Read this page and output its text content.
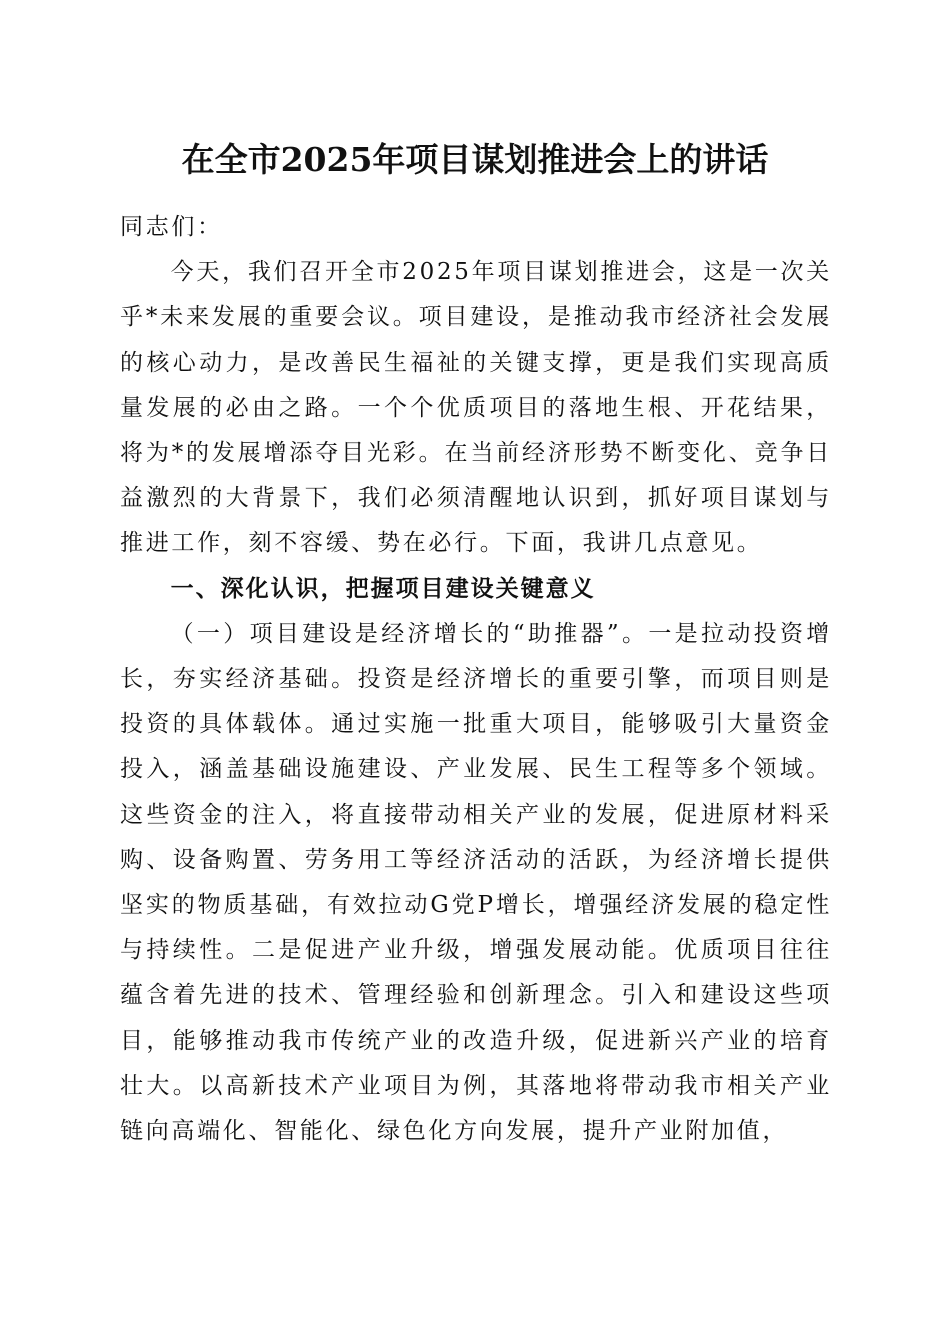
在全市2025年项目谋划推进会上的讲话

同志们：

今天，我们召开全市2025年项目谋划推进会，这是一次关乎*未来发展的重要会议。项目建设，是推动我市经济社会发展的核心动力，是改善民生福祉的关键支撑，更是我们实现高质量发展的必由之路。一个个优质项目的落地生根、开花结果，将为*的发展增添夺目光彩。在当前经济形势不断变化、竞争日益激烈的大背景下，我们必须清醒地认识到，抓好项目谋划与推进工作，刻不容缓、势在必行。下面，我讲几点意见。

一、深化认识，把握项目建设关键意义

（一）项目建设是经济增长的“助推器”。一是拉动投资增长，夯实经济基础。投资是经济增长的重要引擎，而项目则是投资的具体载体。通过实施一批重大项目，能够吸引大量资金投入，涵盖基础设施建设、产业发展、民生工程等多个领域。这些资金的注入，将直接带动相关产业的发展，促进原材料采购、设备购置、劳务用工等经济活动的活跃，为经济增长提供坚实的物质基础，有效拉动G党P增长，增强经济发展的稳定性与持续性。二是促进产业升级，增强发展动能。优质项目往往蕴含着先进的技术、管理经验和创新理念。引入和建设这些项目，能够推动我市传统产业的改造升级，促进新兴产业的培育壮大。以高新技术产业项目为例，其落地将带动我市相关产业链向高端化、智能化、绿色化方向发展，提升产业附加值，
